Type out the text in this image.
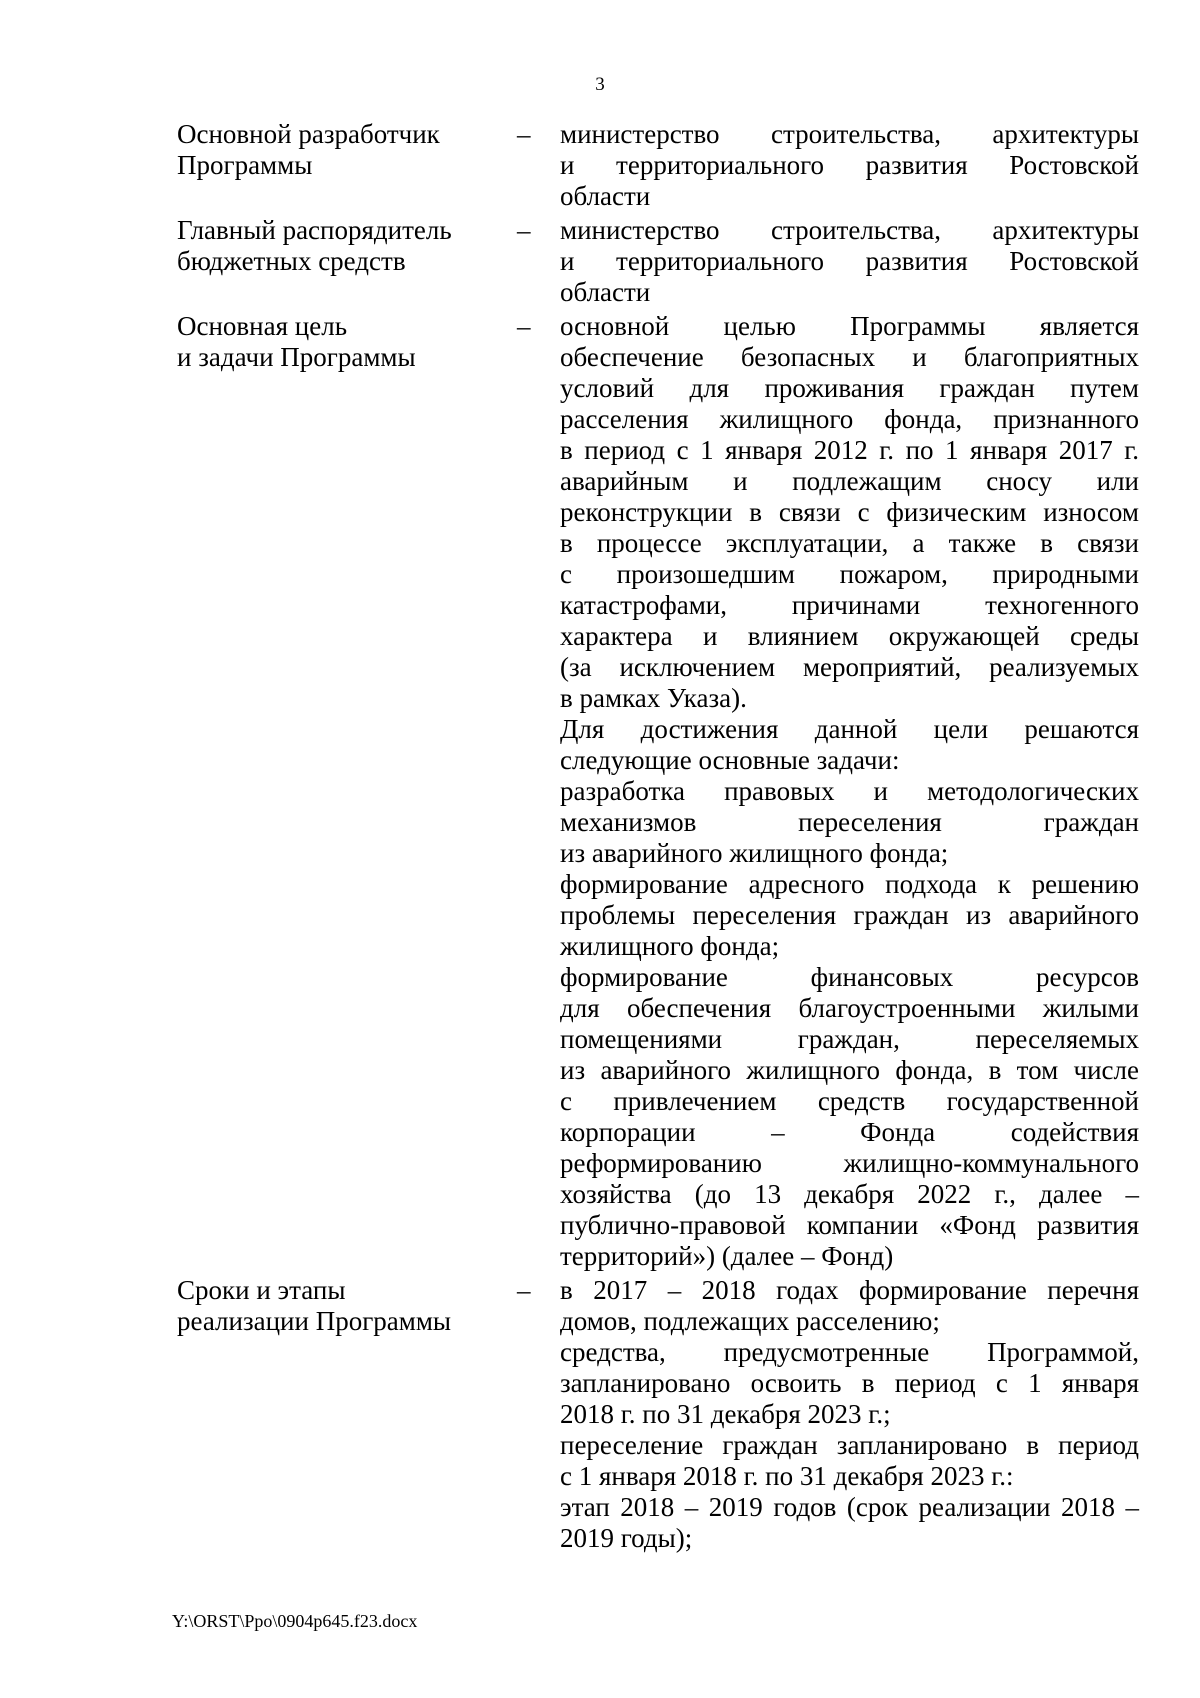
3
Основной разработчик
Программы
–	министерство строительства, архитектуры
и территориального развития Ростовской
области

Главный распорядитель
бюджетных средств
–	министерство строительства, архитектуры
и территориального развития Ростовской
области

Основная цель
и задачи Программы
–	основной целью Программы является
обеспечение безопасных и благоприятных
условий для проживания граждан путем
расселения жилищного фонда, признанного
в период с 1 января 2012 г. по 1 января 2017 г.
аварийным и подлежащим сносу или
реконструкции в связи с физическим износом
в процессе эксплуатации, а также в связи
с произошедшим пожаром, природными
катастрофами, причинами техногенного
характера и влиянием окружающей среды
(за исключением мероприятий, реализуемых
в рамках Указа).

Для достижения данной цели решаются
следующие основные задачи:

разработка правовых и методологических
механизмов переселения граждан
из аварийного жилищного фонда;

формирование адресного подхода к решению
проблемы переселения граждан из аварийного
жилищного фонда;

формирование финансовых ресурсов
для обеспечения благоустроенными жилыми
помещениями граждан, переселяемых
из аварийного жилищного фонда, в том числе
с привлечением средств государственной
корпорации – Фонда содействия
реформированию жилищно-коммунального
хозяйства (до 13 декабря 2022 г., далее –
публично-правовой компании «Фонд развития
территорий») (далее – Фонд)

Сроки и этапы
реализации Программы
–	в 2017 – 2018 годах формирование перечня
домов, подлежащих расселению;

средства, предусмотренные Программой,
запланировано освоить в период с 1 января
2018 г. по 31 декабря 2023 г.;

переселение граждан запланировано в период
с 1 января 2018 г. по 31 декабря 2023 г.:

этап 2018 – 2019 годов (срок реализации 2018 –
2019 годы);

Y:\ORST\Ppo\0904p645.f23.docx
